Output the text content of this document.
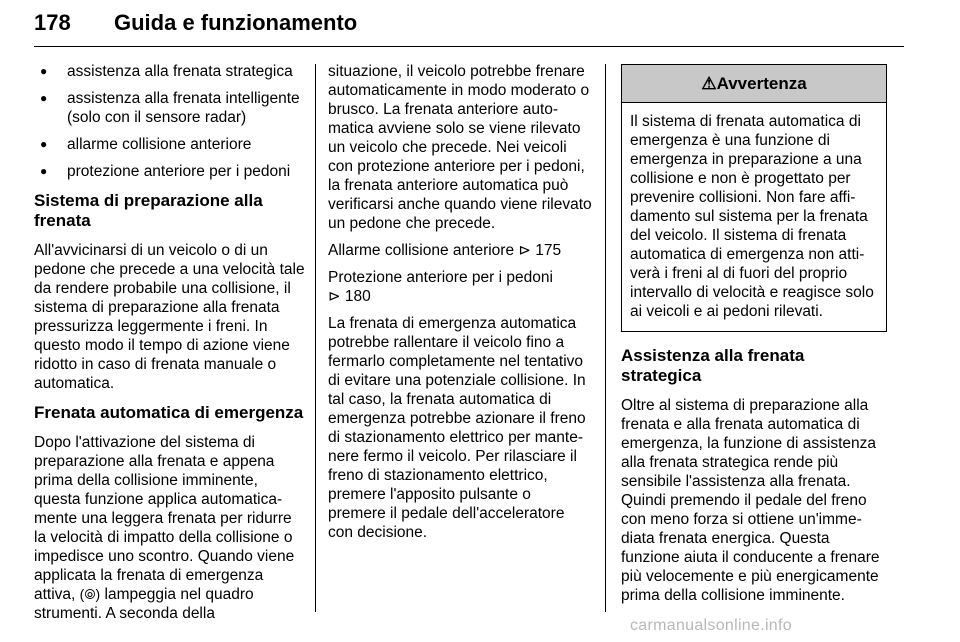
178 Guida e funzionamento
● assistenza alla frenata strategica
● assistenza alla frenata intelligente (solo con il sensore radar)
● allarme collisione anteriore
● protezione anteriore per i pedoni
Sistema di preparazione alla frenata

All'avvicinarsi di un veicolo o di un pedone che precede a una velocità tale da rendere probabile una collisione, il sistema di preparazione alla frenata pressurizza leggermente i freni. In questo modo il tempo di azione viene ridotto in caso di frenata manuale o automatica.

Frenata automatica di emergenza

Dopo l'attivazione del sistema di preparazione alla frenata e appena prima della collisione imminente, questa funzione applica automaticamente una leggera frenata per ridurre la velocità di impatto della collisione o impedisce uno scontro. Quando viene applicata la frenata di emergenza attiva, (⦾) lampeggia nel quadro strumenti. A seconda della

situazione, il veicolo potrebbe frenare automaticamente in modo moderato o brusco. La frenata anteriore automatica avviene solo se viene rilevato un veicolo che precede. Nei veicoli con protezione anteriore per i pedoni, la frenata anteriore automatica può verificarsi anche quando viene rilevato un pedone che precede.

Allarme collisione anteriore ⊳ 175

Protezione anteriore per i pedoni
⊳ 180

La frenata di emergenza automatica potrebbe rallentare il veicolo fino a fermarlo completamente nel tentativo di evitare una potenziale collisione. In tal caso, la frenata automatica di emergenza potrebbe azionare il freno di stazionamento elettrico per mantenere fermo il veicolo. Per rilasciare il freno di stazionamento elettrico, premere l'apposito pulsante o premere il pedale dell'acceleratore con decisione.

⚠Avvertenza
Il sistema di frenata automatica di emergenza è una funzione di emergenza in preparazione a una collisione e non è progettato per prevenire collisioni. Non fare affidamento sul sistema per la frenata del veicolo. Il sistema di frenata automatica di emergenza non attiverà i freni al di fuori del proprio intervallo di velocità e reagisce solo ai veicoli e ai pedoni rilevati.
Assistenza alla frenata strategica

Oltre al sistema di preparazione alla frenata e alla frenata automatica di emergenza, la funzione di assistenza alla frenata strategica rende più sensibile l'assistenza alla frenata. Quindi premendo il pedale del freno con meno forza si ottiene un'immediata frenata energica. Questa funzione aiuta il conducente a frenare più velocemente e più energicamente prima della collisione imminente.

carmanualsonline.info
